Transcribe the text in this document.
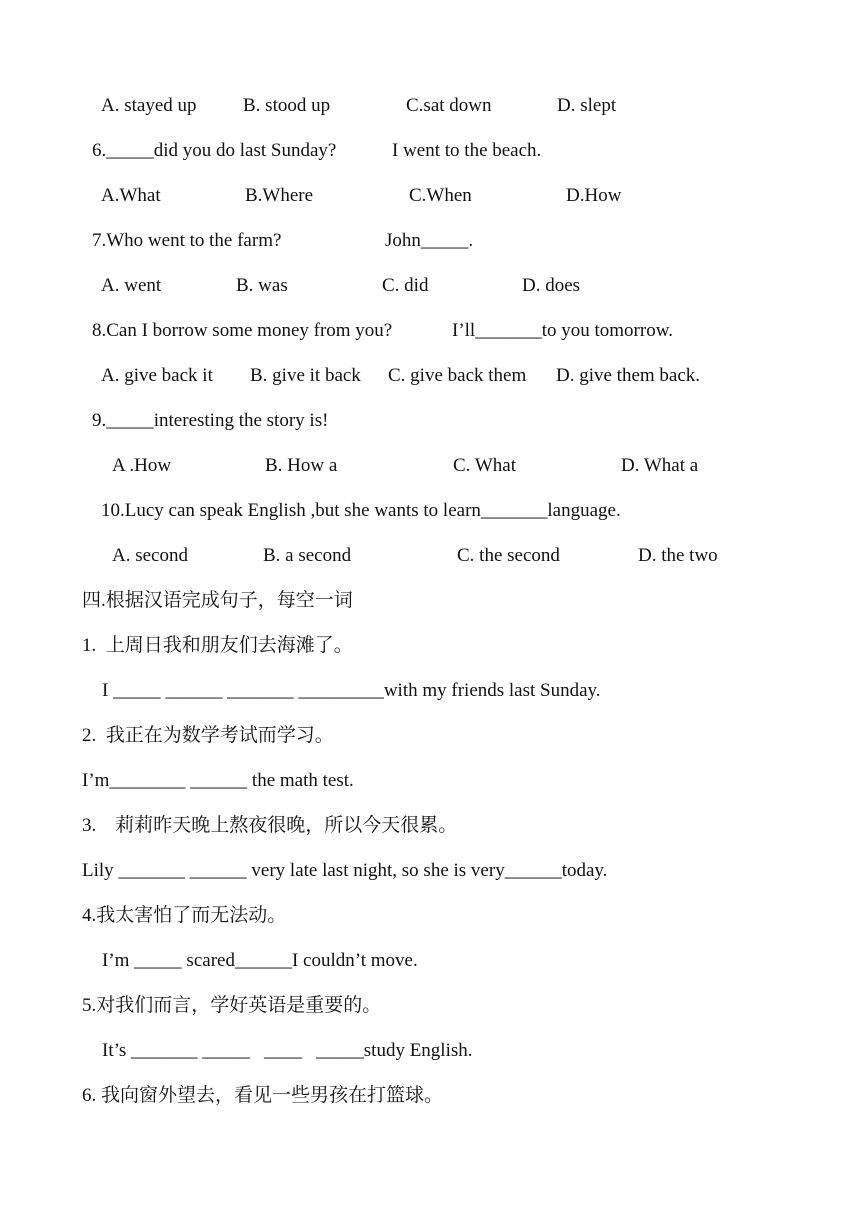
A. stayed up B. stood up	C.sat down	D. slept
6._____did you do last Sunday?	I went to the beach.
A.What	B.Where	C.When	D.How
7.Who went to the farm?	John_____.
A. went	B. was	C. did	D. does
8.Can I borrow some money from you?	I’ll_______to you tomorrow.
A. give back it B. give it back C. give back them D. give them back.
9._____interesting the story is!
A .How	B. How a	C. What	D. What a
10.Lucy can speak English ,but she wants to learn_______language.
A. second	B. a second	C. the second	D. the two
四.根据汉语完成句子，每空一词
1.  上周日我和朋友们去海滩了。
I _____ ______ _______ _________with my friends last Sunday.
2.  我正在为数学考试而学习。
I’m________ ______ the math test.
3.    莉莉昨天晚上熬夜很晚，所以今天很累。
Lily _______ ______ very late last night, so she is very______today.
4.我太害怕了而无法动。
I’m _____ scared______I couldn’t move.
5.对我们而言，学好英语是重要的。
It’s _______ _____   ____   _____study English.
6. 我向窗外望去，看见一些男孩在打篮球。
